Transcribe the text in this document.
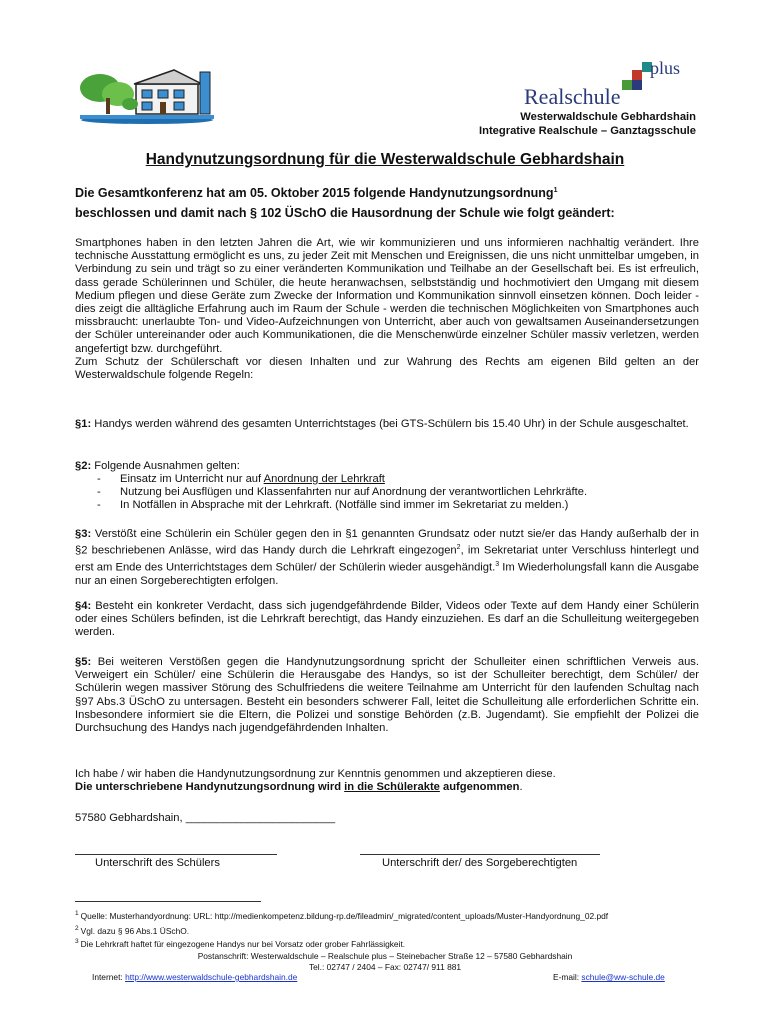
plus
Realschule
Westerwaldschule Gebhardshain
Integrative Realschule – Ganztagsschule
Handynutzungsordnung für die Westerwaldschule Gebhardshain
Die Gesamtkonferenz hat am 05. Oktober 2015 folgende Handynutzungsordnung$^1$
beschlossen und damit nach § 102 ÜSchO die Hausordnung der Schule wie folgt geändert:
Smartphones haben in den letzten Jahren die Art, wie wir kommunizieren und uns informieren nachhaltig verändert. Ihre technische Ausstattung ermöglicht es uns, zu jeder Zeit mit Menschen und Ereignissen, die uns nicht unmittelbar umgeben, in Verbindung zu sein und trägt so zu einer veränderten Kommunikation und Teilhabe an der Gesellschaft bei. Es ist erfreulich, dass gerade Schülerinnen und Schüler, die heute heranwachsen, selbstständig und hochmotiviert den Umgang mit diesem Medium pflegen und diese Geräte zum Zwecke der Information und Kommunikation sinnvoll einsetzen können. Doch leider - dies zeigt die alltägliche Erfahrung auch im Raum der Schule - werden die technischen Möglichkeiten von Smartphones auch missbraucht: unerlaubte Ton- und Video-Aufzeichnungen von Unterricht, aber auch von gewaltsamen Auseinandersetzungen der Schüler untereinander oder auch Kommunikationen, die die Menschenwürde einzelner Schüler massiv verletzen, werden angefertigt bzw. durchgeführt.
Zum Schutz der Schülerschaft vor diesen Inhalten und zur Wahrung des Rechts am eigenen Bild gelten an der Westerwaldschule folgende Regeln:
§1: Handys werden während des gesamten Unterrichtstages (bei GTS-Schülern bis 15.40 Uhr) in der Schule ausgeschaltet.
§2: Folgende Ausnahmen gelten:
- Einsatz im Unterricht nur auf Anordnung der Lehrkraft
- Nutzung bei Ausflügen und Klassenfahrten nur auf Anordnung der verantwortlichen Lehrkräfte.
- In Notfällen in Absprache mit der Lehrkraft. (Notfälle sind immer im Sekretariat zu melden.)
§3: Verstößt eine Schülerin ein Schüler gegen den in §1 genannten Grundsatz oder nutzt sie/er das Handy außerhalb der in §2 beschriebenen Anlässe, wird das Handy durch die Lehrkraft eingezogen$^2$, im Sekretariat unter Verschluss hinterlegt und erst am Ende des Unterrichtstages dem Schüler/ der Schülerin wieder ausgehändigt.$^3$ Im Wiederholungsfall kann die Ausgabe nur an einen Sorgeberechtigten erfolgen.
§4: Besteht ein konkreter Verdacht, dass sich jugendgefährdende Bilder, Videos oder Texte auf dem Handy einer Schülerin oder eines Schülers befinden, ist die Lehrkraft berechtigt, das Handy einzuziehen. Es darf an die Schulleitung weitergegeben werden.
§5: Bei weiteren Verstößen gegen die Handynutzungsordnung spricht der Schulleiter einen schriftlichen Verweis aus. Verweigert ein Schüler/ eine Schülerin die Herausgabe des Handys, so ist der Schulleiter berechtigt, dem Schüler/ der Schülerin wegen massiver Störung des Schulfriedens die weitere Teilnahme am Unterricht für den laufenden Schultag nach §97 Abs.3 ÜSchO zu untersagen. Besteht ein besonders schwerer Fall, leitet die Schulleitung alle erforderlichen Schritte ein. Insbesondere informiert sie die Eltern, die Polizei und sonstige Behörden (z.B. Jugendamt). Sie empfiehlt der Polizei die Durchsuchung des Handys nach jugendgefährdenden Inhalten.
Ich habe / wir haben die Handynutzungsordnung zur Kenntnis genommen und akzeptieren diese.
Die unterschriebene Handynutzungsordnung wird in die Schülerakte aufgenommen.
57580 Gebhardshain, ________________________
Unterschrift des Schülers	Unterschrift der/ des Sorgeberechtigten
$^1$ Quelle: Musterhandyordnung: URL: http://medienkompetenz.bildung-rp.de/fileadmin/_migrated/content_uploads/Muster-Handyordnung_02.pdf
$^2$ Vgl. dazu § 96 Abs.1 ÜSchO.
$^3$ Die Lehrkraft haftet für eingezogene Handys nur bei Vorsatz oder grober Fahrlässigkeit.
Postanschrift: Westerwaldschule – Realschule plus – Steinebacher Straße 12 – 57580 Gebhardshain
Tel.: 02747 / 2404 – Fax: 02747/ 911 881
Internet: http://www.westerwaldschule-gebhardshain.de	E-mail: schule@ww-schule.de
